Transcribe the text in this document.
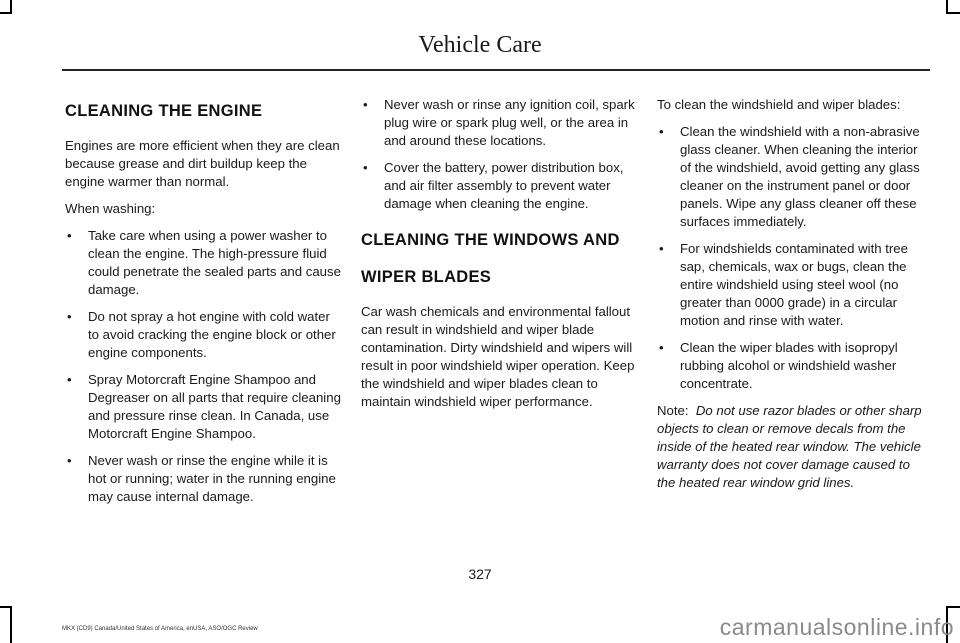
Vehicle Care
CLEANING THE ENGINE

Engines are more efficient when they are clean because grease and dirt buildup keep the engine warmer than normal.

When washing:

• Take care when using a power washer to clean the engine. The high-pressure fluid could penetrate the sealed parts and cause damage.
• Do not spray a hot engine with cold water to avoid cracking the engine block or other engine components.
• Spray Motorcraft Engine Shampoo and Degreaser on all parts that require cleaning and pressure rinse clean. In Canada, use Motorcraft Engine Shampoo.
• Never wash or rinse the engine while it is hot or running; water in the running engine may cause internal damage.
• Never wash or rinse any ignition coil, spark plug wire or spark plug well, or the area in and around these locations.
• Cover the battery, power distribution box, and air filter assembly to prevent water damage when cleaning the engine.
CLEANING THE WINDOWS AND
WIPER BLADES

Car wash chemicals and environmental fallout can result in windshield and wiper blade contamination. Dirty windshield and wipers will result in poor windshield wiper operation. Keep the windshield and wiper blades clean to maintain windshield wiper performance.

To clean the windshield and wiper blades:

• Clean the windshield with a non-abrasive glass cleaner. When cleaning the interior of the windshield, avoid getting any glass cleaner on the instrument panel or door panels. Wipe any glass cleaner off these surfaces immediately.
• For windshields contaminated with tree sap, chemicals, wax or bugs, clean the entire windshield using steel wool (no greater than 0000 grade) in a circular motion and rinse with water.
• Clean the wiper blades with isopropyl rubbing alcohol or windshield washer concentrate.

Note: Do not use razor blades or other sharp objects to clean or remove decals from the inside of the heated rear window. The vehicle warranty does not cover damage caused to the heated rear window grid lines.

327
MKX (CD9) Canada/United States of America, enUSA, ASO/OGC Review	carmanualsonline.info
